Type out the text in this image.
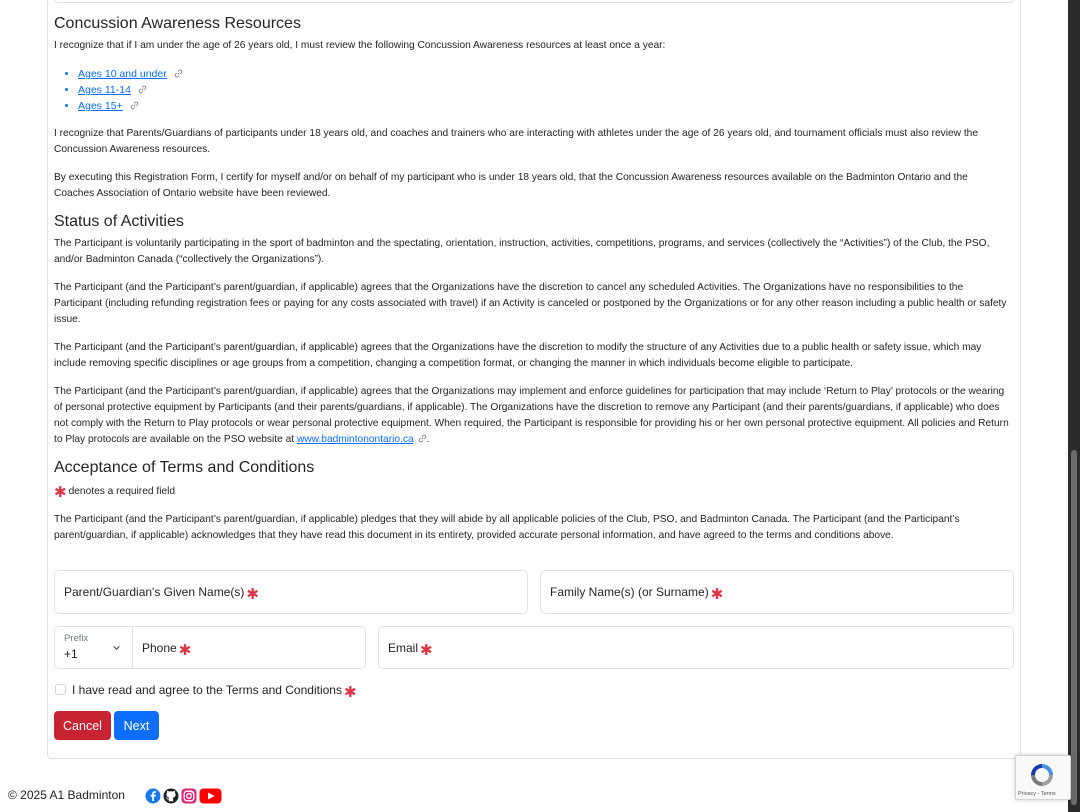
Concussion Awareness Resources

I recognize that if I am under the age of 26 years old, I must review the following Concussion Awareness resources at least once a year:

• Ages 10 and under
• Ages 11-14
• Ages 15+

I recognize that Parents/Guardians of participants under 18 years old, and coaches and trainers who are interacting with athletes under the age of 26 years old, and tournament officials must also review the Concussion Awareness resources.

By executing this Registration Form, I certify for myself and/or on behalf of my participant who is under 18 years old, that the Concussion Awareness resources available on the Badminton Ontario and the Coaches Association of Ontario website have been reviewed.

Status of Activities

The Participant is voluntarily participating in the sport of badminton and the spectating, orientation, instruction, activities, competitions, programs, and services (collectively the “Activities”) of the Club, the PSO, and/or Badminton Canada (“collectively the Organizations”).

The Participant (and the Participant’s parent/guardian, if applicable) agrees that the Organizations have the discretion to cancel any scheduled Activities. The Organizations have no responsibilities to the Participant (including refunding registration fees or paying for any costs associated with travel) if an Activity is canceled or postponed by the Organizations or for any other reason including a public health or safety issue.

The Participant (and the Participant’s parent/guardian, if applicable) agrees that the Organizations have the discretion to modify the structure of any Activities due to a public health or safety issue, which may include removing specific disciplines or age groups from a competition, changing a competition format, or changing the manner in which individuals become eligible to participate.

The Participant (and the Participant’s parent/guardian, if applicable) agrees that the Organizations may implement and enforce guidelines for participation that may include ‘Return to Play’ protocols or the wearing of personal protective equipment by Participants (and their parents/guardians, if applicable). The Organizations have the discretion to remove any Participant (and their parents/guardians, if applicable) who does not comply with the Return to Play protocols or wear personal protective equipment. When required, the Participant is responsible for providing his or her own personal protective equipment. All policies and Return to Play protocols are available on the PSO website at www.badmintonontario.ca .

Acceptance of Terms and Conditions

✱ denotes a required field

The Participant (and the Participant’s parent/guardian, if applicable) pledges that they will abide by all applicable policies of the Club, PSO, and Badminton Canada. The Participant (and the Participant’s parent/guardian, if applicable) acknowledges that they have read this document in its entirety, provided accurate personal information, and have agreed to the terms and conditions above.

Parent/Guardian's Given Name(s) ✱	Family Name(s) (or Surname) ✱
Prefix
+1	Phone ✱	Email ✱
I have read and agree to the Terms and Conditions ✱
Cancel	Next
© 2025 A1 Badminton	Privacy - Terms
